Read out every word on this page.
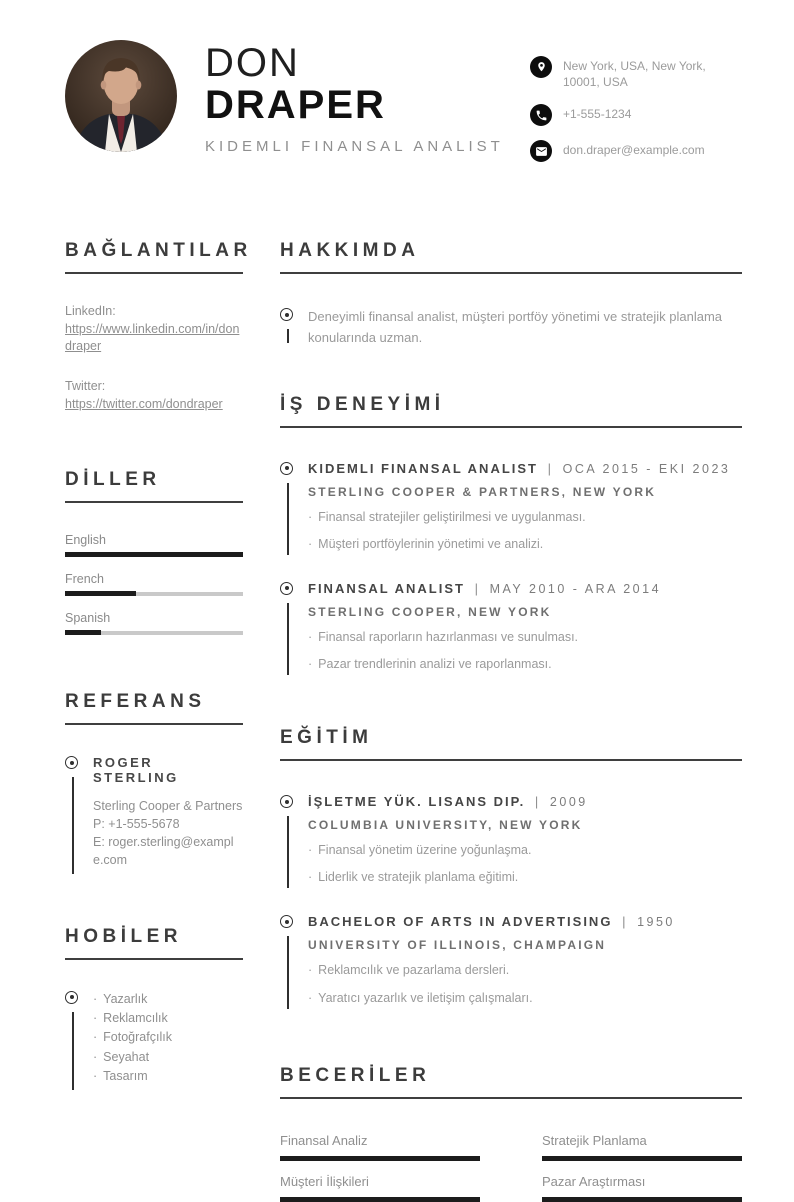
DON
DRAPER
KIDEMLI FINANSAL ANALIST
New York, USA, New York, 10001, USA
+1-555-1234
don.draper@example.com
BAĞLANTILAR
LinkedIn:
https://www.linkedin.com/in/dondraper
Twitter:
https://twitter.com/dondraper
DİLLER
English
French
Spanish
REFERANS
ROGER STERLING
Sterling Cooper & Partners
P: +1-555-5678
E: roger.sterling@example.com
HOBİLER
· Yazarlık
· Reklamcılık
· Fotoğrafçılık
· Seyahat
· Tasarım
HAKKIMDA
Deneyimli finansal analist, müşteri portföy yönetimi ve stratejik planlama konularında uzman.
İŞ DENEYİMİ
KIDEMLI FINANSAL ANALIST | OCA 2015 - EKI 2023
STERLING COOPER & PARTNERS, NEW YORK
· Finansal stratejiler geliştirilmesi ve uygulanması.
· Müşteri portföylerinin yönetimi ve analizi.
FINANSAL ANALIST | MAY 2010 - ARA 2014
STERLING COOPER, NEW YORK
· Finansal raporların hazırlanması ve sunulması.
· Pazar trendlerinin analizi ve raporlanması.
EĞİTİM
İŞLETME YÜK. LISANS DIP. | 2009
COLUMBIA UNIVERSITY, NEW YORK
· Finansal yönetim üzerine yoğunlaşma.
· Liderlik ve stratejik planlama eğitimi.
BACHELOR OF ARTS IN ADVERTISING | 1950
UNIVERSITY OF ILLINOIS, CHAMPAIGN
· Reklamcılık ve pazarlama dersleri.
· Yaratıcı yazarlık ve iletişim çalışmaları.
BECERİLER
Finansal Analiz	Stratejik Planlama
Müşteri İlişkileri	Pazar Araştırması
